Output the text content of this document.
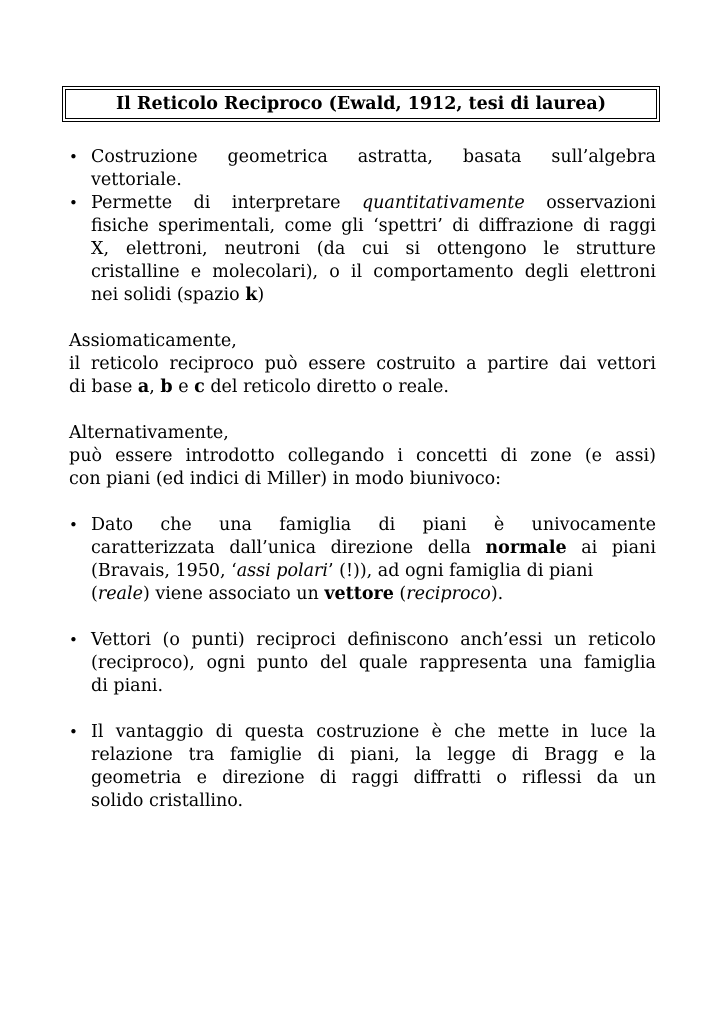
Il Reticolo Reciproco (Ewald, 1912, tesi di laurea)
• Costruzione geometrica astratta, basata sull’algebra
vettoriale.
• Permette di interpretare quantitativamente osservazioni
fisiche sperimentali, come gli ‘spettri’ di diffrazione di raggi
X, elettroni, neutroni (da cui si ottengono le strutture
cristalline e molecolari), o il comportamento degli elettroni
nei solidi (spazio k)
Assiomaticamente,
il reticolo reciproco può essere costruito a partire dai vettori
di base a, b e c del reticolo diretto o reale.
Alternativamente,
può essere introdotto collegando i concetti di zone (e assi)
con piani (ed indici di Miller) in modo biunivoco:
• Dato che una famiglia di piani è univocamente
caratterizzata dall’unica direzione della normale ai piani
(Bravais, 1950, ‘assi polari’ (!)), ad ogni famiglia di piani
(reale) viene associato un vettore (reciproco).
• Vettori (o punti) reciproci definiscono anch’essi un reticolo
(reciproco), ogni punto del quale rappresenta una famiglia
di piani.
• Il vantaggio di questa costruzione è che mette in luce la
relazione tra famiglie di piani, la legge di Bragg e la
geometria e direzione di raggi diffratti o riflessi da un
solido cristallino.
